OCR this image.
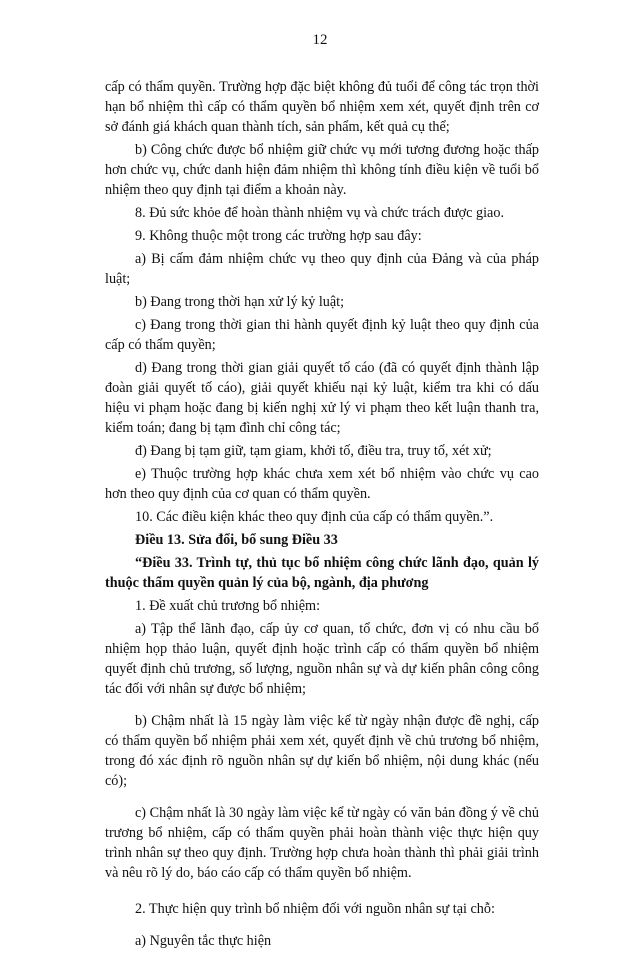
12

cấp có thẩm quyền. Trường hợp đặc biệt không đủ tuổi để công tác trọn thời hạn bổ nhiệm thì cấp có thẩm quyền bổ nhiệm xem xét, quyết định trên cơ sở đánh giá khách quan thành tích, sản phẩm, kết quả cụ thể;

b) Công chức được bổ nhiệm giữ chức vụ mới tương đương hoặc thấp hơn chức vụ, chức danh hiện đảm nhiệm thì không tính điều kiện về tuổi bổ nhiệm theo quy định tại điểm a khoản này.

8. Đủ sức khỏe để hoàn thành nhiệm vụ và chức trách được giao.

9. Không thuộc một trong các trường hợp sau đây:

a) Bị cấm đảm nhiệm chức vụ theo quy định của Đảng và của pháp luật;

b) Đang trong thời hạn xử lý kỷ luật;

c) Đang trong thời gian thi hành quyết định kỷ luật theo quy định của cấp có thẩm quyền;

d) Đang trong thời gian giải quyết tố cáo (đã có quyết định thành lập đoàn giải quyết tố cáo), giải quyết khiếu nại kỷ luật, kiểm tra khi có dấu hiệu vi phạm hoặc đang bị kiến nghị xử lý vi phạm theo kết luận thanh tra, kiểm toán; đang bị tạm đình chỉ công tác;

đ) Đang bị tạm giữ, tạm giam, khởi tố, điều tra, truy tố, xét xử;

e) Thuộc trường hợp khác chưa xem xét bổ nhiệm vào chức vụ cao hơn theo quy định của cơ quan có thẩm quyền.

10. Các điều kiện khác theo quy định của cấp có thẩm quyền.”.

Điều 13. Sửa đổi, bổ sung Điều 33

“Điều 33. Trình tự, thủ tục bổ nhiệm công chức lãnh đạo, quản lý thuộc thẩm quyền quản lý của bộ, ngành, địa phương

1. Đề xuất chủ trương bổ nhiệm:

a) Tập thể lãnh đạo, cấp ủy cơ quan, tổ chức, đơn vị có nhu cầu bổ nhiệm họp thảo luận, quyết định hoặc trình cấp có thẩm quyền bổ nhiệm quyết định chủ trương, số lượng, nguồn nhân sự và dự kiến phân công công tác đối với nhân sự được bổ nhiệm;

b) Chậm nhất là 15 ngày làm việc kể từ ngày nhận được đề nghị, cấp có thẩm quyền bổ nhiệm phải xem xét, quyết định về chủ trương bổ nhiệm, trong đó xác định rõ nguồn nhân sự dự kiến bổ nhiệm, nội dung khác (nếu có);

c) Chậm nhất là 30 ngày làm việc kể từ ngày có văn bản đồng ý về chủ trương bổ nhiệm, cấp có thẩm quyền phải hoàn thành việc thực hiện quy trình nhân sự theo quy định. Trường hợp chưa hoàn thành thì phải giải trình và nêu rõ lý do, báo cáo cấp có thẩm quyền bổ nhiệm.

2. Thực hiện quy trình bổ nhiệm đối với nguồn nhân sự tại chỗ:

a) Nguyên tắc thực hiện
